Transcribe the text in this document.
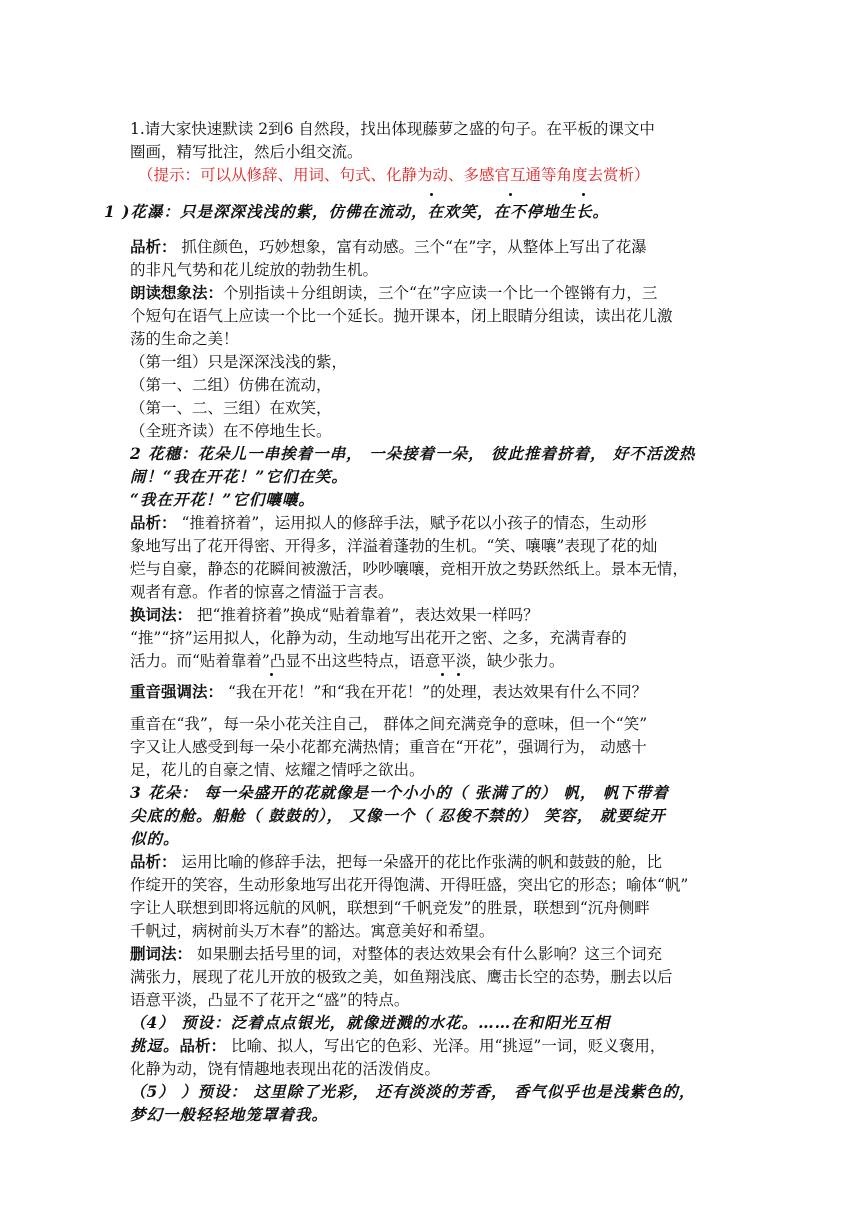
1.请大家快速默读 2到6 自然段，找出体现藤萝之盛的句子。在平板的课文中
圈画，精写批注，然后小组交流。
（提示：可以从修辞、用词、句式、化静为动、多感官互通等角度去赏析）
1 )花瀑：只是深深浅浅的紫，仿佛在流动，在欢笑，在不停地生长。
品析： 抓住颜色，巧妙想象，富有动感。三个“在”字，从整体上写出了花瀑
的非凡气势和花儿绽放的勃勃生机。
朗读想象法：个别指读＋分组朗读，三个“在”字应读一个比一个铿锵有力，三
个短句在语气上应读一个比一个延长。抛开课本，闭上眼睛分组读，读出花儿激
荡的生命之美！
（第一组）只是深深浅浅的紫，
（第一、二组）仿佛在流动，
（第一、二、三组）在欢笑，
（全班齐读）在不停地生长。
2 花穗：花朵儿一串挨着一串， 一朵接着一朵， 彼此推着挤着， 好不活泼热
闹！“我在开花！”它们在笑。
“我在开花！”它们嚷嚷。
品析： “推着挤着”，运用拟人的修辞手法，赋予花以小孩子的情态，生动形
象地写出了花开得密、开得多，洋溢着蓬勃的生机。“笑、嚷嚷”表现了花的灿
烂与自豪，静态的花瞬间被激活，吵吵嚷嚷，竞相开放之势跃然纸上。景本无情，
观者有意。作者的惊喜之情溢于言表。
换词法： 把“推着挤着”换成“贴着靠着”，表达效果一样吗？
“推”“挤”运用拟人，化静为动，生动地写出花开之密、之多，充满青春的
活力。而“贴着靠着”凸显不出这些特点，语意平淡，缺少张力。
重音强调法： “我在开花！”和“我在开花！”的处理，表达效果有什么不同？
重音在“我”，每一朵小花关注自己， 群体之间充满竞争的意味，但一个“笑”
字又让人感受到每一朵小花都充满热情；重音在“开花”，强调行为， 动感十
足，花儿的自豪之情、炫耀之情呼之欲出。
3 花朵： 每一朵盛开的花就像是一个小小的（ 张满了的） 帆， 帆下带着
尖底的舱。船舱（ 鼓鼓的）， 又像一个（ 忍俊不禁的） 笑容， 就要绽开
似的。
品析： 运用比喻的修辞手法，把每一朵盛开的花比作张满的帆和鼓鼓的舱，比
作绽开的笑容，生动形象地写出花开得饱满、开得旺盛，突出它的形态；喻体“帆”
字让人联想到即将远航的风帆，联想到“千帆竞发”的胜景，联想到“沉舟侧畔
千帆过，病树前头万木春”的豁达。寓意美好和希望。
删词法： 如果删去括号里的词，对整体的表达效果会有什么影响？这三个词充
满张力，展现了花儿开放的极致之美，如鱼翔浅底、鹰击长空的态势，删去以后
语意平淡，凸显不了花开之“盛”的特点。
（4） 预设：泛着点点银光，就像迸溅的水花。……在和阳光互相
挑逗。品析： 比喻、拟人，写出它的色彩、光泽。用“挑逗”一词，贬义褒用，
化静为动，饶有情趣地表现出花的活泼俏皮。
（5） ）预设： 这里除了光彩， 还有淡淡的芳香， 香气似乎也是浅紫色的，
梦幻一般轻轻地笼罩着我。
